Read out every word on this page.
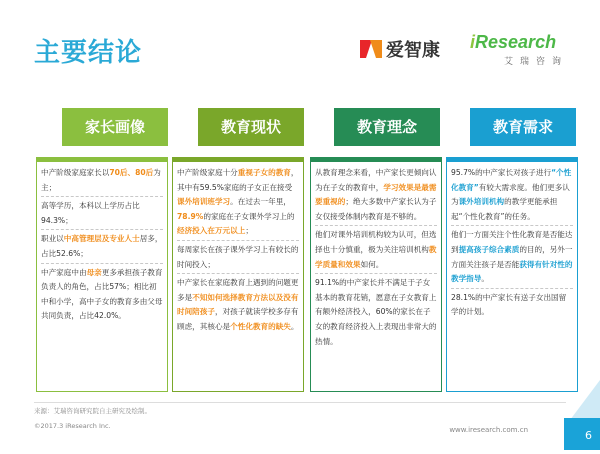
主要结论	爱智康 iResearch
艾瑞咨询
家长画像	教育现状	教育理念	教育需求

中产阶级家庭家长以70后、80后为主；

高等学历，本科以上学历占比94.3%；

职业以中高管理层及专业人士居多，占比52.6%；

中产家庭中由母亲更多承担孩子教育负责人的角色，占比57%；相比初中和小学，高中子女的教育多由父母共同负责，占比42.0%。

中产阶级家庭十分重视子女的教育，其中有59.5%家庭的子女正在接受课外培训班学习。在过去一年里，78.9%的家庭在子女课外学习上的经济投入在万元以上；

每周家长在孩子课外学习上有较长的时间投入；

中产家长在家庭教育上遇到的问题更多是不知如何选择教育方法以及没有时间陪孩子，对孩子就读学校多存有顾虑，其核心是个性化教育的缺失。

从教育理念来看，中产家长更倾向认为在子女的教育中，学习效果是最需要重视的；绝大多数中产家长认为子女仅接受体制内教育是不够的。

他们对课外培训机构较为认可，但选择也十分慎重，极为关注培训机构教学质量和效果如何。

91.1%的中产家长并不满足于子女基本的教育花销，愿意在子女教育上有额外经济投入，60%的家长在子女的教育经济投入上表现出非常大的热情。

95.7%的中产家长对孩子进行“个性化教育”有较大需求度。他们更多认为课外培训机构的教学更能承担起“个性化教育”的任务。

他们一方面关注个性化教育是否能达到提高孩子综合素质的目的，另外一方面关注孩子是否能获得有针对性的教学指导。

28.1%的中产家长有送子女出国留学的计划。

来源：艾瑞咨询研究院自主研究及绘制。
©2017.3 iResearch Inc.	www.iresearch.com.cn	6
